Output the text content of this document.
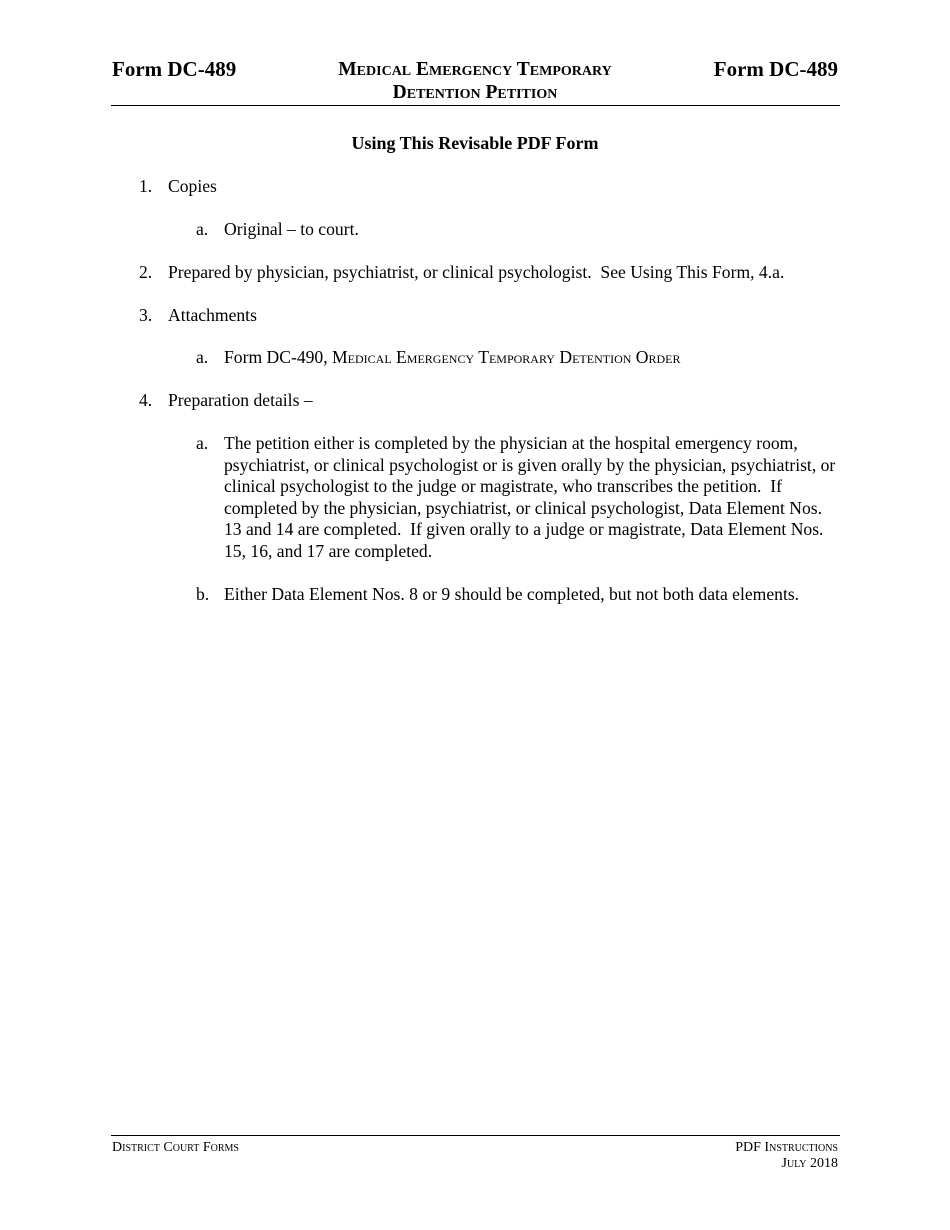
Form DC-489	Medical Emergency Temporary
Detention Petition
Form DC-489
Using This Revisable PDF Form
1. Copies
a. Original – to court.
2. Prepared by physician, psychiatrist, or clinical psychologist.  See Using This Form, 4.a.
3. Attachments
a. Form DC-490, Medical Emergency Temporary Detention Order
4. Preparation details –
a. The petition either is completed by the physician at the hospital emergency room, psychiatrist, or clinical psychologist or is given orally by the physician, psychiatrist, or clinical psychologist to the judge or magistrate, who transcribes the petition.  If completed by the physician, psychiatrist, or clinical psychologist, Data Element Nos. 13 and 14 are completed.  If given orally to a judge or magistrate, Data Element Nos. 15, 16, and 17 are completed.
b. Either Data Element Nos. 8 or 9 should be completed, but not both data elements.
District Court Forms	PDF Instructions
July 2018
